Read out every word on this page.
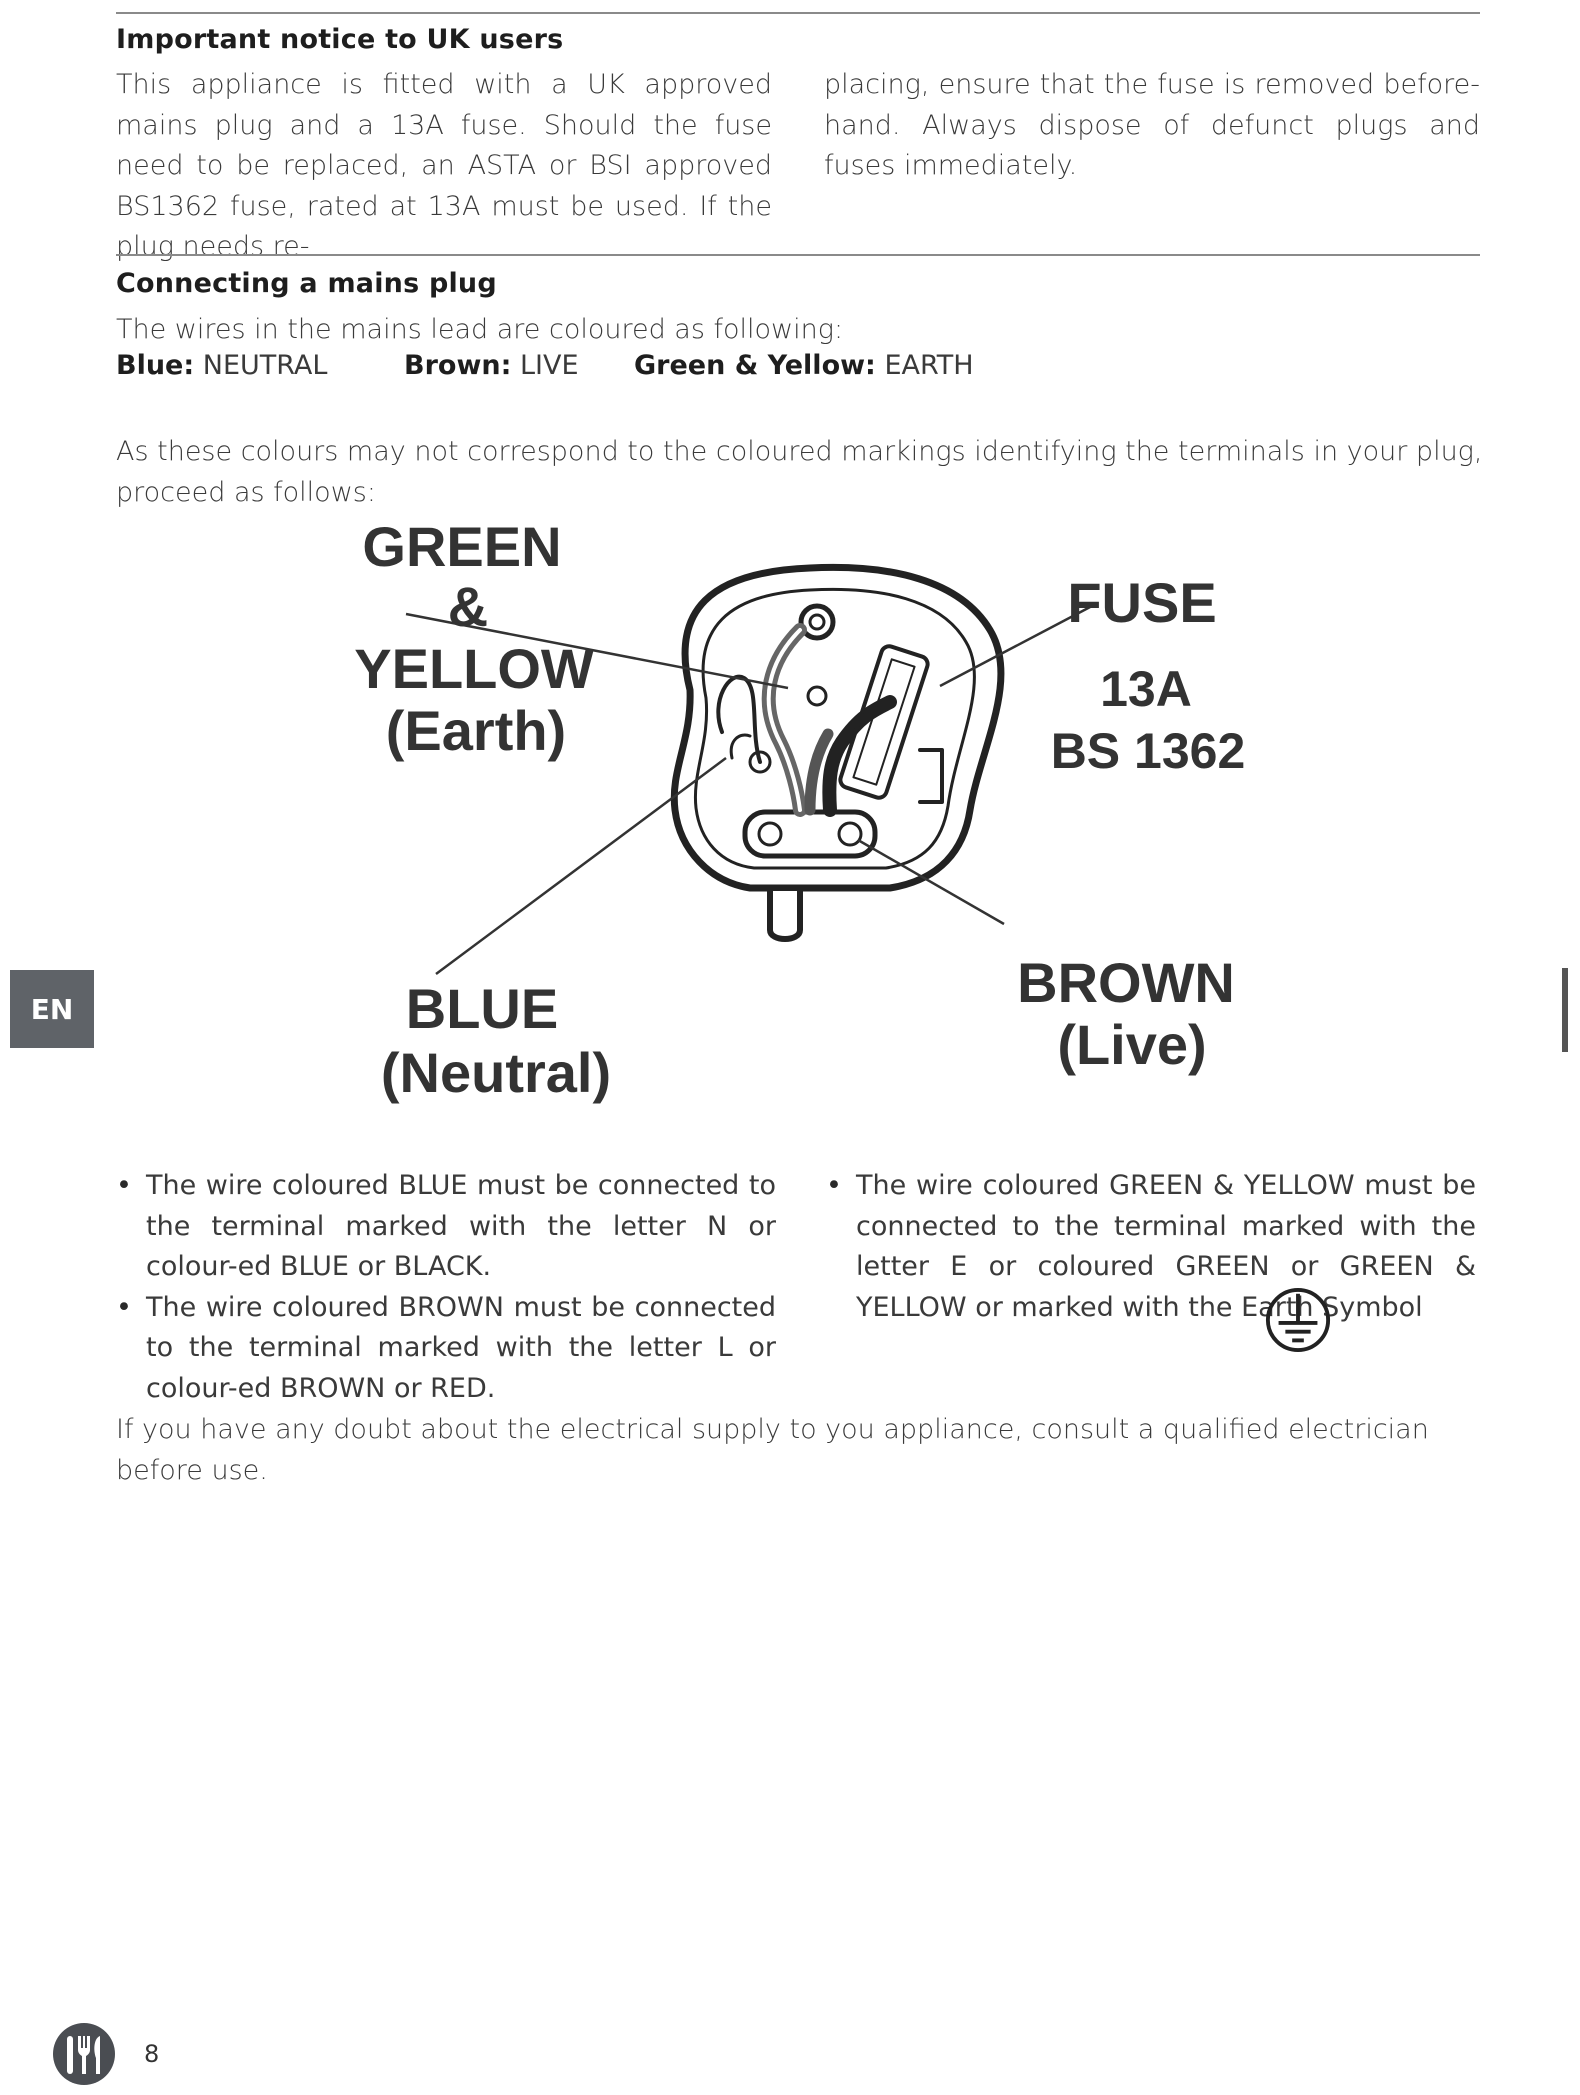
Important notice to UK users
This appliance is fitted with a UK approved mains plug and a 13A fuse. Should the fuse need to be replaced, an ASTA or BSI approved BS1362 fuse, rated at 13A must be used. If the plug needs re-
placing, ensure that the fuse is removed before-hand. Always dispose of defunct plugs and fuses immediately.
Connecting a mains plug
The wires in the mains lead are coloured as following:
Blue: NEUTRAL	Brown: LIVE Green & Yellow: EARTH
As these colours may not correspond to the coloured markings identifying the terminals in your plug, proceed as follows:
GREEN
&
YELLOW
(Earth)
FUSE
13A
BS 1362
BLUE
(Neutral)
BROWN
(Live)
• The wire coloured BLUE must be connected to the terminal marked with the letter N or colour-ed BLUE or BLACK.
• The wire coloured BROWN must be connected to the terminal marked with the letter L or colour-ed BROWN or RED.
• The wire coloured GREEN & YELLOW must be connected to the terminal marked with the letter E or coloured GREEN or GREEN & YELLOW or marked with the Earth Symbol
If you have any doubt about the electrical supply to you appliance, consult a qualified electrician before use.
EN
8
